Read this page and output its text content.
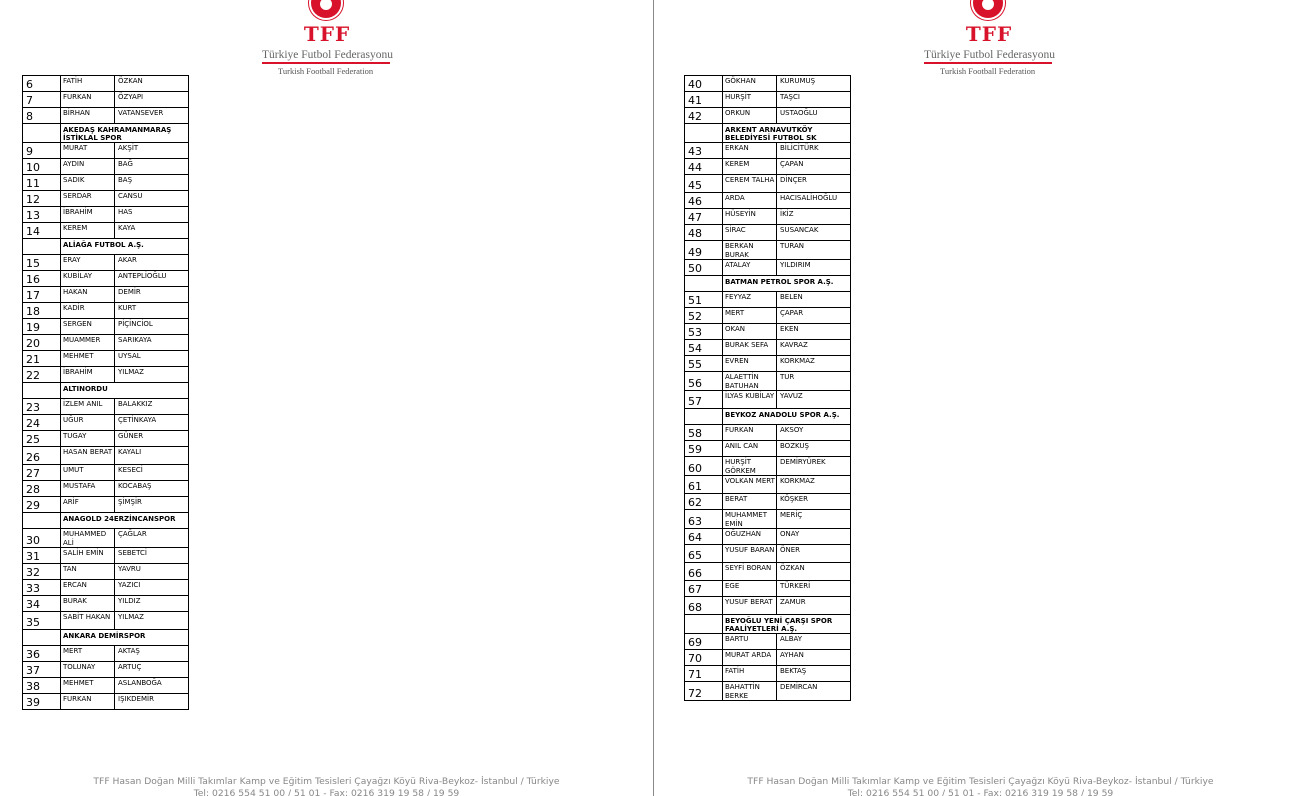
TFF
Türkiye Futbol Federasyonu
Turkish Football Federation
6	FATİH	ÖZKAN
7	FURKAN	ÖZYAPI
8	BİRHAN	VATANSEVER
	AKEDAŞ KAHRAMANMARAŞ İSTİKLAL SPOR	
9	MURAT	AKŞİT
10	AYDIN	BAĞ
11	SADIK	BAŞ
12	SERDAR	CANSU
13	İBRAHİM	HAS
14	KEREM	KAYA
	ALİAĞA FUTBOL A.Ş.	
15	ERAY	AKAR
16	KUBİLAY	ANTEPLİOĞLU
17	HAKAN	DEMİR
18	KADİR	KURT
19	SERGEN	PİÇİNCİOL
20	MUAMMER	SARIKAYA
21	MEHMET	UYSAL
22	İBRAHİM	YILMAZ
	ALTINORDU	
23	İZLEM ANIL	BALAKKIZ
24	UĞUR	ÇETİNKAYA
25	TUGAY	GÜNER
26	HASAN BERAT	KAYALI
27	UMUT	KESECİ
28	MUSTAFA	KOCABAŞ
29	ARİF	ŞİMŞİR
	ANAGOLD 24ERZİNCANSPOR	
30	MUHAMMED ALİ	ÇAĞLAR
31	SALİH EMİN	SEBETCİ
32	TAN	YAVRU
33	ERCAN	YAZICI
34	BURAK	YILDIZ
35	SABİT HAKAN	YILMAZ
	ANKARA DEMİRSPOR	
36	MERT	AKTAŞ
37	TOLUNAY	ARTUÇ
38	MEHMET	ASLANBOĞA
39	FURKAN	IŞIKDEMİR
TFF Hasan Doğan Milli Takımlar Kamp ve Eğitim Tesisleri Çayağzı Köyü Riva-Beykoz- İstanbul / Türkiye
Tel: 0216 554 51 00 / 51 01 - Fax: 0216 319 19 58 / 19 59
TFF
Türkiye Futbol Federasyonu
Turkish Football Federation
40	GÖKHAN	KURUMUŞ
41	HURŞİT	TAŞCI
42	ORKUN	USTAOĞLU
	ARKENT ARNAVUTKÖY BELEDİYESİ FUTBOL SK	
43	ERKAN	BİLİCİTÜRK
44	KEREM	ÇAPAN
45	CEREM TALHA	DİNÇER
46	ARDA	HACISALİHOĞLU
47	HÜSEYİN	İKİZ
48	SİRAC	SUSANCAK
49	BERKAN BURAK	TURAN
50	ATALAY	YILDIRIM
	BATMAN PETROL SPOR A.Ş.	
51	FEYYAZ	BELEN
52	MERT	ÇAPAR
53	OKAN	EKEN
54	BURAK SEFA	KAVRAZ
55	EVREN	KORKMAZ
56	ALAETTİN BATUHAN	TUR
57	İLYAS KUBİLAY	YAVUZ
	BEYKOZ ANADOLU SPOR A.Ş.	
58	FURKAN	AKSOY
59	ANIL CAN	BOZKUŞ
60	HURŞİT GÖRKEM	DEMİRYÜREK
61	VOLKAN MERT	KORKMAZ
62	BERAT	KÖŞKER
63	MUHAMMET EMİN	MERİÇ
64	OĞUZHAN	ONAY
65	YUSUF BARAN	ÖNER
66	SEYFİ BORAN	ÖZKAN
67	EGE	TÜRKERİ
68	YUSUF BERAT	ZAMUR
	BEYOĞLU YENİ ÇARŞI SPOR FAALİYETLERİ A.Ş.	
69	BARTU	ALBAY
70	MURAT ARDA	AYHAN
71	FATİH	BEKTAŞ
72	BAHATTİN BERKE	DEMİRCAN
TFF Hasan Doğan Milli Takımlar Kamp ve Eğitim Tesisleri Çayağzı Köyü Riva-Beykoz- İstanbul / Türkiye
Tel: 0216 554 51 00 / 51 01 - Fax: 0216 319 19 58 / 19 59
